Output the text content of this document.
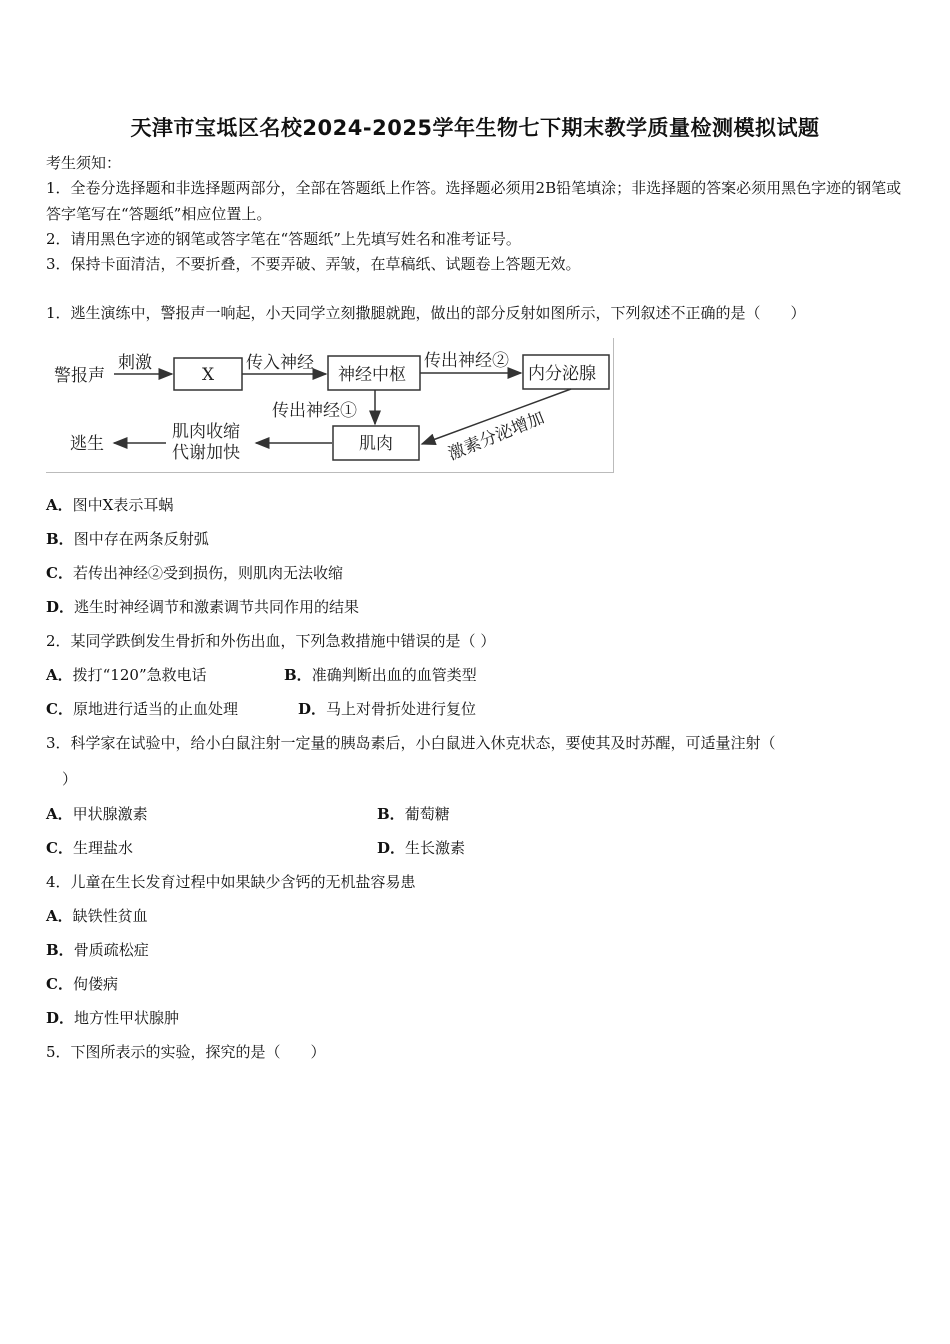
天津市宝坻区名校2024-2025学年生物七下期末教学质量检测模拟试题
考生须知：
1．全卷分选择题和非选择题两部分，全部在答题纸上作答。选择题必须用2B铅笔填涂；非选择题的答案必须用黑色字迹的钢笔或答字笔写在“答题纸”相应位置上。
2．请用黑色字迹的钢笔或答字笔在“答题纸”上先填写姓名和准考证号。
3．保持卡面清洁，不要折叠，不要弄破、弄皱，在草稿纸、试题卷上答题无效。
1．逃生演练中，警报声一响起，小天同学立刻撒腿就跑，做出的部分反射如图所示，下列叙述不正确的是（　　）
警报声
刺激
X
传入神经
神经中枢
传出神经②
内分泌腺
传出神经①
肌肉	激素分泌增加
肌肉收缩
代谢加快
逃生
A．图中X表示耳蜗
B．图中存在两条反射弧
C．若传出神经②受到损伤，则肌肉无法收缩
D．逃生时神经调节和激素调节共同作用的结果
2．某同学跌倒发生骨折和外伤出血，下列急救措施中错误的是（ ）
A．拨打“120”急救电话	B．准确判断出血的血管类型
C．原地进行适当的止血处理	D．马上对骨折处进行复位
3．科学家在试验中，给小白鼠注射一定量的胰岛素后，小白鼠进入休克状态，要使其及时苏醒，可适量注射（
）
A．甲状腺激素	B．葡萄糖
C．生理盐水	D．生长激素
4．儿童在生长发育过程中如果缺少含钙的无机盐容易患
A．缺铁性贫血
B．骨质疏松症
C．佝偻病
D．地方性甲状腺肿
5．下图所表示的实验，探究的是（　　）
